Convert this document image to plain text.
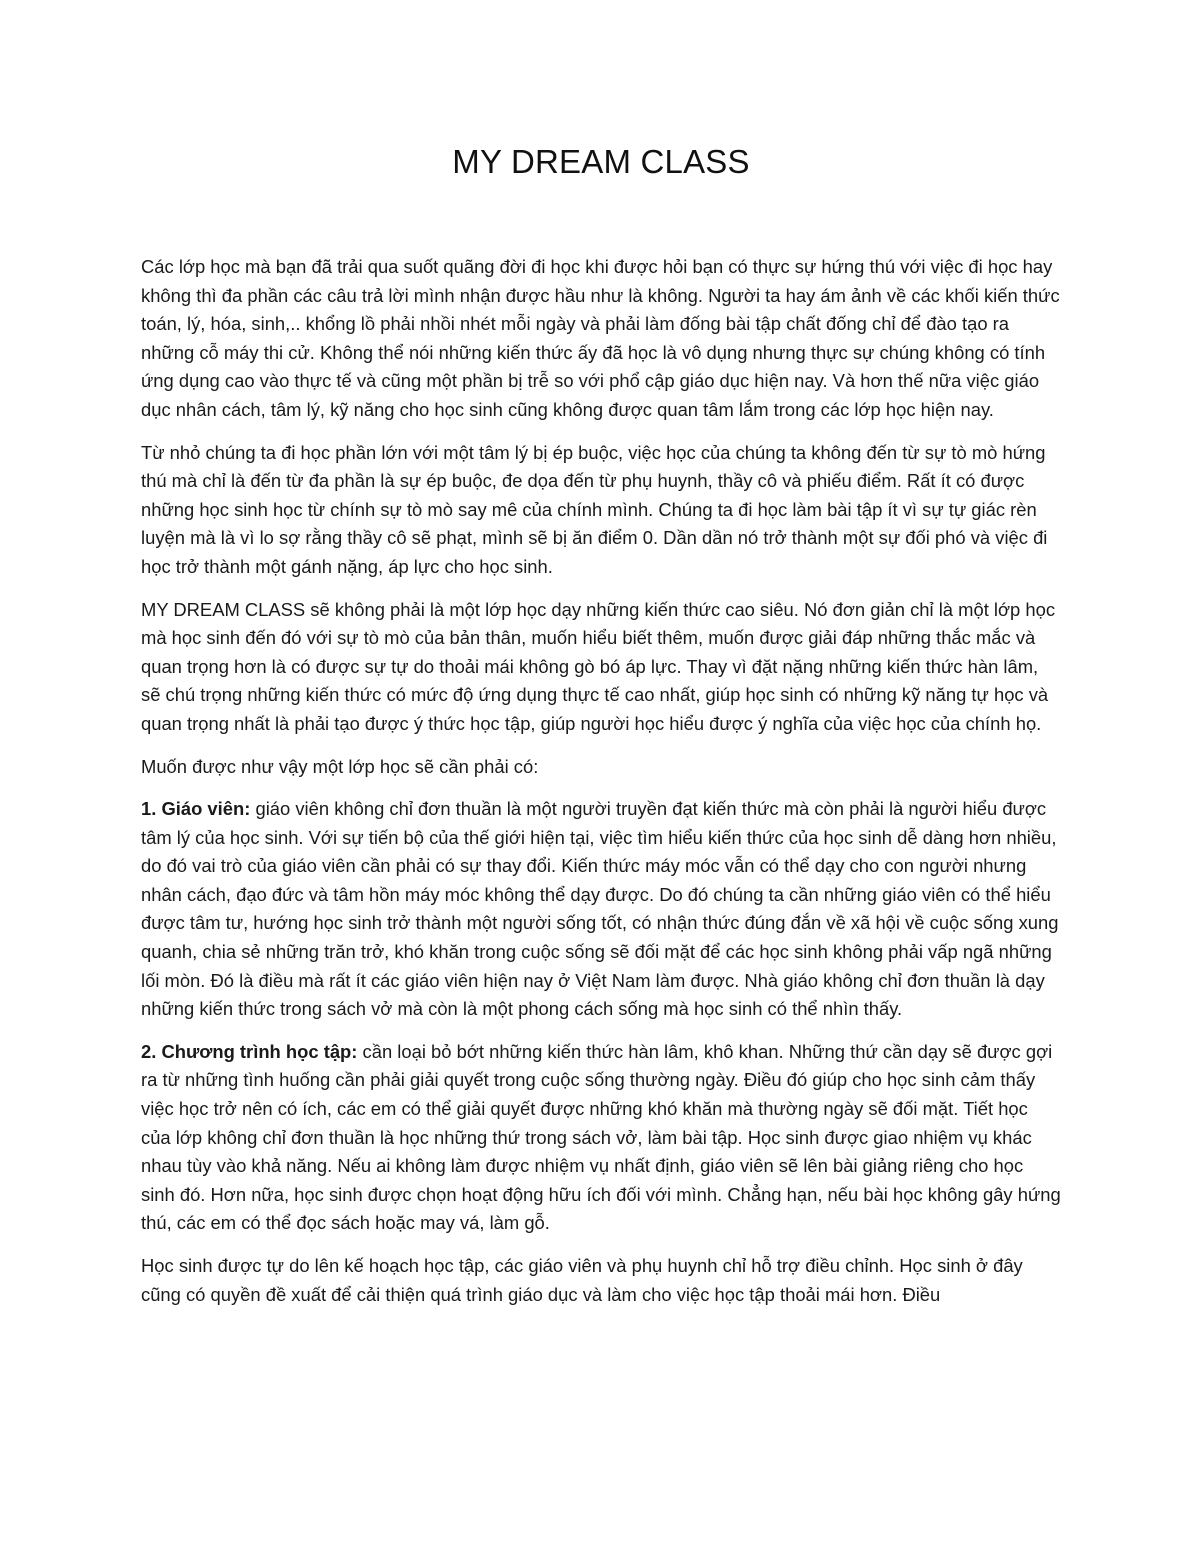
MY DREAM CLASS

Các lớp học mà bạn đã trải qua suốt quãng đời đi học khi được hỏi bạn có thực sự hứng thú với việc đi học hay không thì đa phần các câu trả lời mình nhận được hầu như là không. Người ta hay ám ảnh về các khối kiến thức toán, lý, hóa, sinh,.. khổng lồ phải nhồi nhét mỗi ngày và phải làm đống bài tập chất đống chỉ để đào tạo ra những cỗ máy thi cử. Không thể nói những kiến thức ấy đã học là vô dụng nhưng thực sự chúng không có tính ứng dụng cao vào thực tế và cũng một phần bị trễ so với phổ cập giáo dục hiện nay. Và hơn thế nữa việc giáo dục nhân cách, tâm lý, kỹ năng cho học sinh cũng không được quan tâm lắm trong các lớp học hiện nay.

Từ nhỏ chúng ta đi học phần lớn với một tâm lý bị ép buộc, việc học của chúng ta không đến từ sự tò mò hứng thú mà chỉ là đến từ đa phần là sự ép buộc, đe dọa đến từ phụ huynh, thầy cô và phiếu điểm. Rất ít có được những học sinh học từ chính sự tò mò say mê của chính mình. Chúng ta đi học làm bài tập ít vì sự tự giác rèn luyện mà là vì lo sợ rằng thầy cô sẽ phạt, mình sẽ bị ăn điểm 0. Dần dần nó trở thành một sự đối phó và việc đi học trở thành một gánh nặng, áp lực cho học sinh.

MY DREAM CLASS sẽ không phải là một lớp học dạy những kiến thức cao siêu. Nó đơn giản chỉ là một lớp học mà học sinh đến đó với sự tò mò của bản thân, muốn hiểu biết thêm, muốn được giải đáp những thắc mắc và quan trọng hơn là có được sự tự do thoải mái không gò bó áp lực. Thay vì đặt nặng những kiến thức hàn lâm, sẽ chú trọng những kiến thức có mức độ ứng dụng thực tế cao nhất, giúp học sinh có những kỹ năng tự học và quan trọng nhất là phải tạo được ý thức học tập, giúp người học hiểu được ý nghĩa của việc học của chính họ.

Muốn được như vậy một lớp học sẽ cần phải có:

1. Giáo viên: giáo viên không chỉ đơn thuần là một người truyền đạt kiến thức mà còn phải là người hiểu được tâm lý của học sinh. Với sự tiến bộ của thế giới hiện tại, việc tìm hiểu kiến thức của học sinh dễ dàng hơn nhiều, do đó vai trò của giáo viên cần phải có sự thay đổi. Kiến thức máy móc vẫn có thể dạy cho con người nhưng nhân cách, đạo đức và tâm hồn máy móc không thể dạy được. Do đó chúng ta cần những giáo viên có thể hiểu được tâm tư, hướng học sinh trở thành một người sống tốt, có nhận thức đúng đắn về xã hội về cuộc sống xung quanh, chia sẻ những trăn trở, khó khăn trong cuộc sống sẽ đối mặt để các học sinh không phải vấp ngã những lối mòn. Đó là điều mà rất ít các giáo viên hiện nay ở Việt Nam làm được. Nhà giáo không chỉ đơn thuần là dạy những kiến thức trong sách vở mà còn là một phong cách sống mà học sinh có thể nhìn thấy.

2. Chương trình học tập: cần loại bỏ bớt những kiến thức hàn lâm, khô khan. Những thứ cần dạy sẽ được gợi ra từ những tình huống cần phải giải quyết trong cuộc sống thường ngày. Điều đó giúp cho học sinh cảm thấy việc học trở nên có ích, các em có thể giải quyết được những khó khăn mà thường ngày sẽ đối mặt. Tiết học của lớp không chỉ đơn thuần là học những thứ trong sách vở, làm bài tập. Học sinh được giao nhiệm vụ khác nhau tùy vào khả năng. Nếu ai không làm được nhiệm vụ nhất định, giáo viên sẽ lên bài giảng riêng cho học sinh đó. Hơn nữa, học sinh được chọn hoạt động hữu ích đối với mình. Chẳng hạn, nếu bài học không gây hứng thú, các em có thể đọc sách hoặc may vá, làm gỗ.

Học sinh được tự do lên kế hoạch học tập, các giáo viên và phụ huynh chỉ hỗ trợ điều chỉnh. Học sinh ở đây cũng có quyền đề xuất để cải thiện quá trình giáo dục và làm cho việc học tập thoải mái hơn. Điều
